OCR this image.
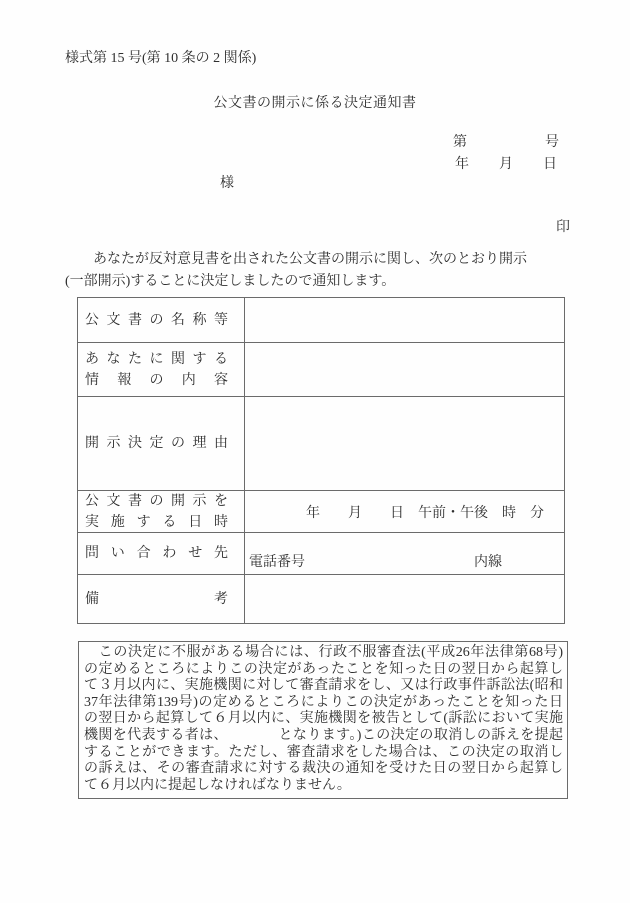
様式第 15 号(第 10 条の 2 関係)
公文書の開示に係る決定通知書
第	号
年 月 日
様
印
　　あなたが反対意見書を出された公文書の開示に関し、次のとおり開示
(一部開示)することに決定しましたので通知します。
公文書の名称等
あなたに関する
情報の内容
開示決定の理由
公文書の開示を
実施する日時
年　　月　　日　午前・午後　時　分
問い合わせ先
電話番号	内線
備考
　この決定に不服がある場合には、行政不服審査法(平成26年法律第68号)
の定めるところによりこの決定があったことを知った日の翌日から起算し
て３月以内に、実施機関に対して審査請求をし、又は行政事件訴訟法(昭和
37年法律第139号)の定めるところによりこの決定があったことを知った日
の翌日から起算して６月以内に、実施機関を被告として(訴訟において実施
機関を代表する者は、　　　　となります。)この決定の取消しの訴えを提起
することができます。ただし、審査請求をした場合は、この決定の取消し
の訴えは、その審査請求に対する裁決の通知を受けた日の翌日から起算し
て６月以内に提起しなければなりません。
